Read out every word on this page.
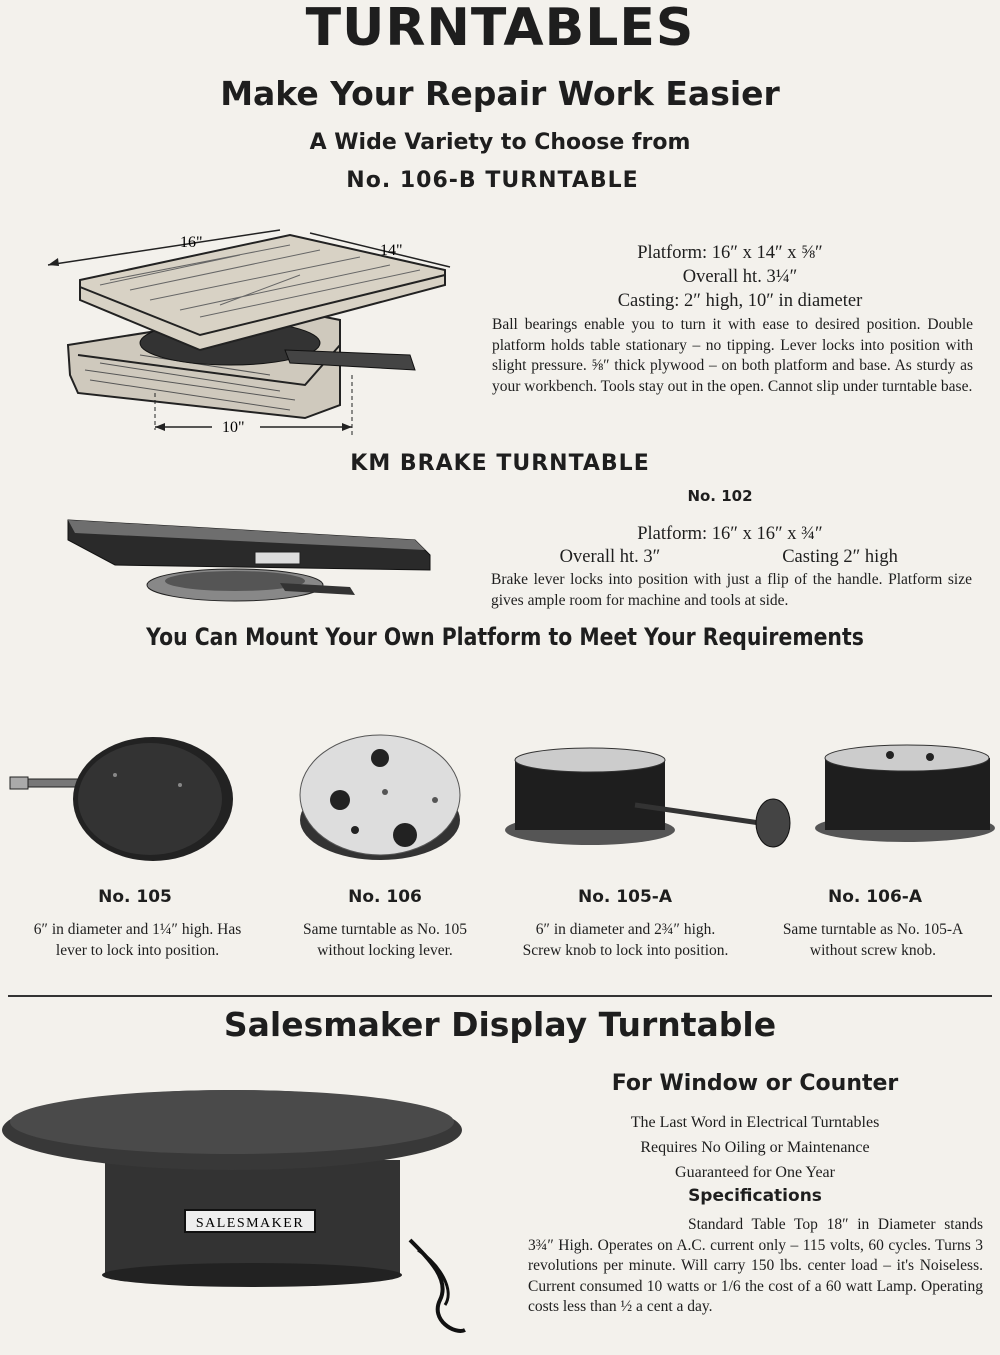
TURNTABLES
Make Your Repair Work Easier
A Wide Variety to Choose from
No. 106-B TURNTABLE
16"	14"
10"
Platform: 16″ x 14″ x ⅝″
Overall ht. 3¼″
Casting: 2″ high, 10″ in diameter
Ball bearings enable you to turn it with ease to desired position. Double platform holds table stationary – no tipping. Lever locks into position with slight pressure. ⅝″ thick plywood – on both platform and base. As sturdy as your workbench. Tools stay out in the open. Cannot slip under turntable base.
KM BRAKE TURNTABLE
No. 102
Platform: 16″ x 16″ x ¾″
Overall ht. 3″	Casting 2″ high
Brake lever locks into position with just a flip of the handle. Platform size gives ample room for machine and tools at side.
You Can Mount Your Own Platform to Meet Your Requirements
No. 105	No. 106	No. 105-A	No. 106-A
6″ in diameter and 1¼″ high. Has lever to lock into position.
Same turntable as No. 105 without locking lever.
6″ in diameter and 2¾″ high. Screw knob to lock into position.
Same turntable as No. 105-A without screw knob.
Salesmaker Display Turntable
For Window or Counter
The Last Word in Electrical Turntables
Requires No Oiling or Maintenance
Guaranteed for One Year
Specifications
Standard Table Top 18″ in Diameter stands 3¾″ High. Operates on A.C. current only – 115 volts, 60 cycles. Turns 3 revolutions per minute. Will carry 150 lbs. center load – it's Noiseless. Current consumed 10 watts or 1/6 the cost of a 60 watt Lamp. Operating costs less than ½ a cent a day.
SALESMAKER
